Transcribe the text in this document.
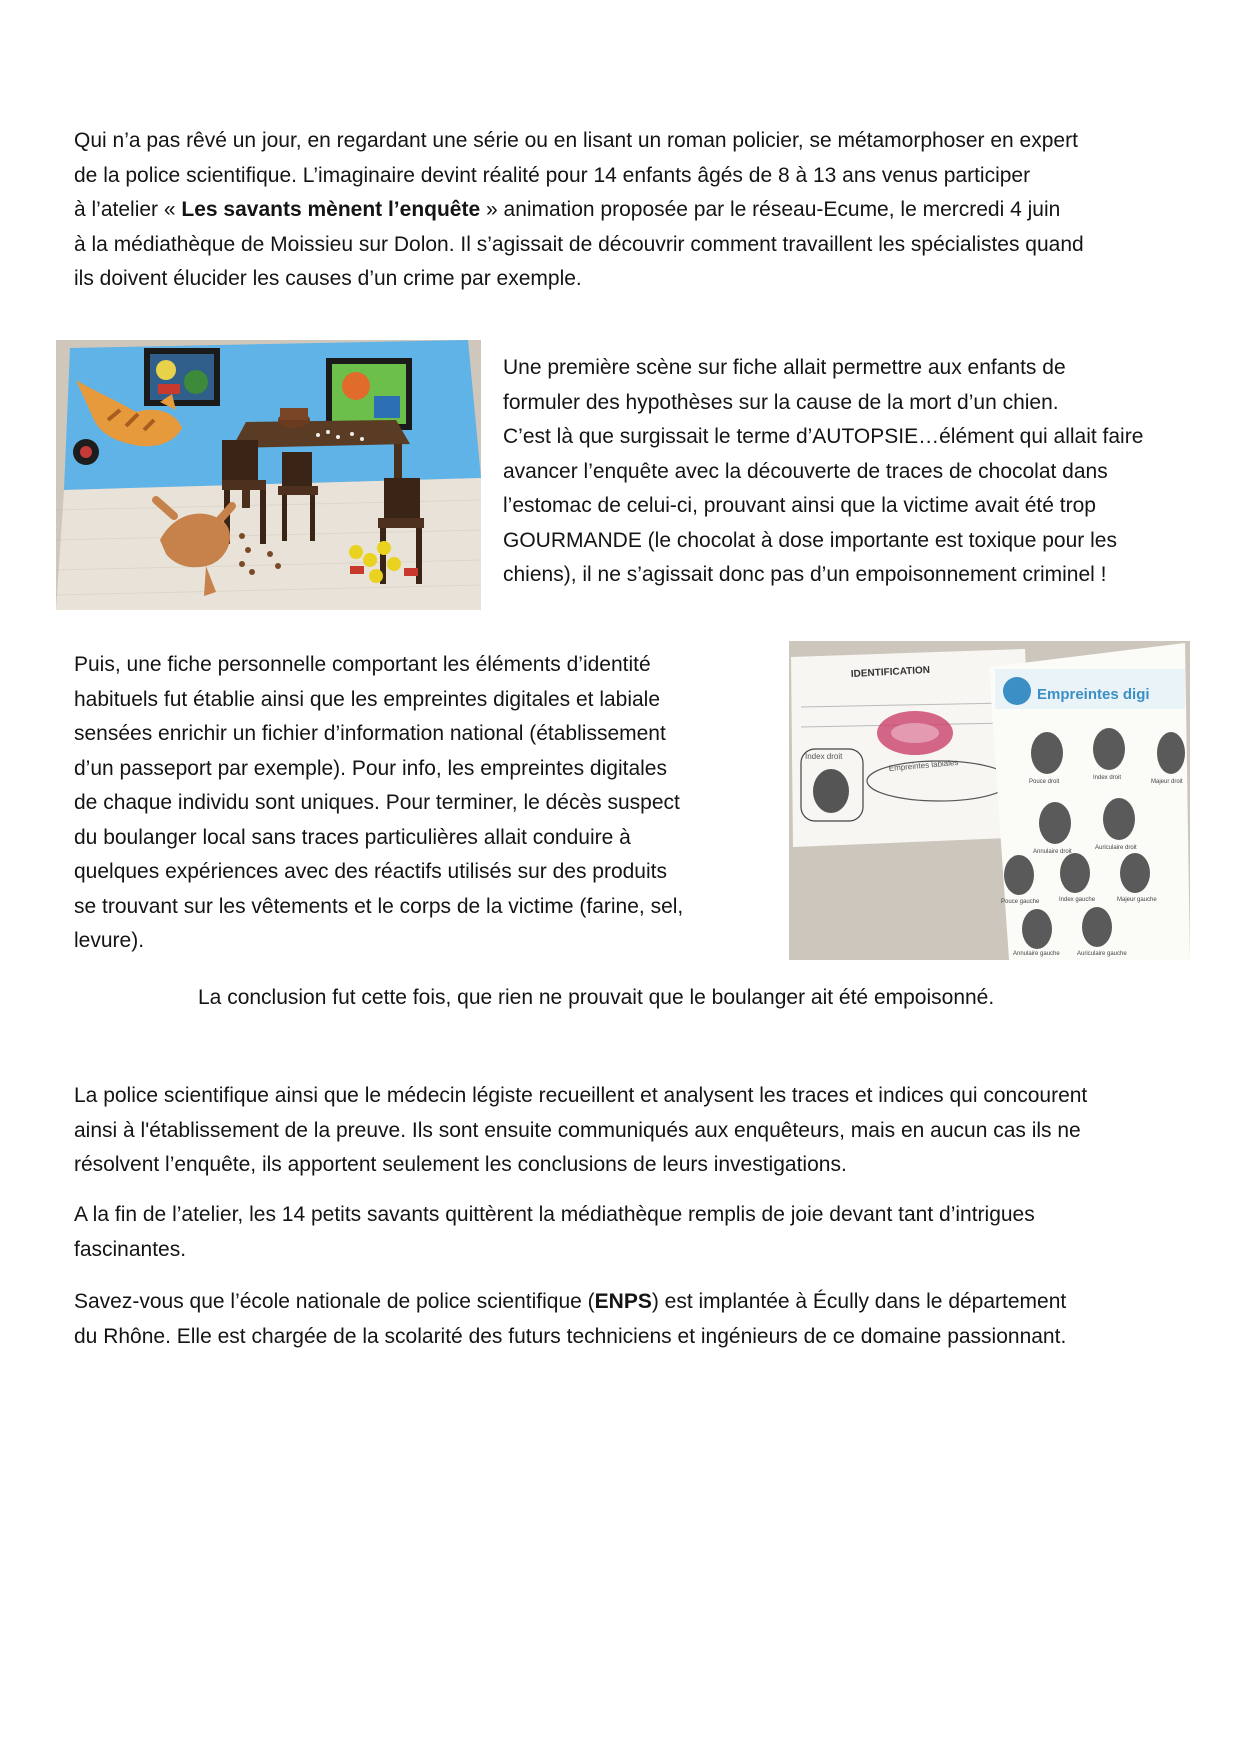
Qui n’a pas rêvé un jour, en regardant une série ou en lisant un roman policier, se métamorphoser en expert
de la police scientifique. L’imaginaire devint réalité pour 14 enfants âgés de 8 à 13 ans venus participer
à l’atelier « Les savants mènent l’enquête » animation proposée par le réseau-Ecume, le mercredi 4 juin
à la médiathèque de Moissieu sur Dolon. Il s’agissait de découvrir comment travaillent les spécialistes quand
ils doivent élucider les causes d’un crime par exemple.

Une première scène sur fiche allait permettre aux enfants de
formuler des hypothèses sur la cause de la mort d’un chien.
C’est là que surgissait le terme d’AUTOPSIE…élément qui allait faire
avancer l’enquête avec la découverte de traces de chocolat dans
l’estomac de celui-ci, prouvant ainsi que la victime avait été trop
GOURMANDE (le chocolat à dose importante est toxique pour les
chiens), il ne s’agissait donc pas d’un empoisonnement criminel !

Puis, une fiche personnelle comportant les éléments d’identité
habituels fut établie ainsi que les empreintes digitales et labiale
sensées enrichir un fichier d’information national (établissement
d’un passeport par exemple). Pour info, les empreintes digitales
de chaque individu sont uniques. Pour terminer, le décès suspect
du boulanger local sans traces particulières allait conduire à
quelques expériences avec des réactifs utilisés sur des produits
se trouvant sur les vêtements et le corps de la victime (farine, sel,
levure).

IDENTIFICATION
Index droit
Empreintes labiales
Empreintes digi
Pouce droit
Index droit
Majeur droit
Annulaire droit
Auriculaire droit
Pouce gauche	Index gauche	Majeur gauche
Annulaire gauche	Auriculaire gauche

La conclusion fut cette fois, que rien ne prouvait que le boulanger ait été empoisonné.

La police scientifique ainsi que le médecin légiste recueillent et analysent les traces et indices qui concourent
ainsi à l'établissement de la preuve. Ils sont ensuite communiqués aux enquêteurs, mais en aucun cas ils ne
résolvent l’enquête, ils apportent seulement les conclusions de leurs investigations.

A la fin de l’atelier, les 14 petits savants quittèrent la médiathèque remplis de joie devant tant d’intrigues
fascinantes.

Savez-vous que l’école nationale de police scientifique (ENPS) est implantée à Écully dans le département
du Rhône. Elle est chargée de la scolarité des futurs techniciens et ingénieurs de ce domaine passionnant.
